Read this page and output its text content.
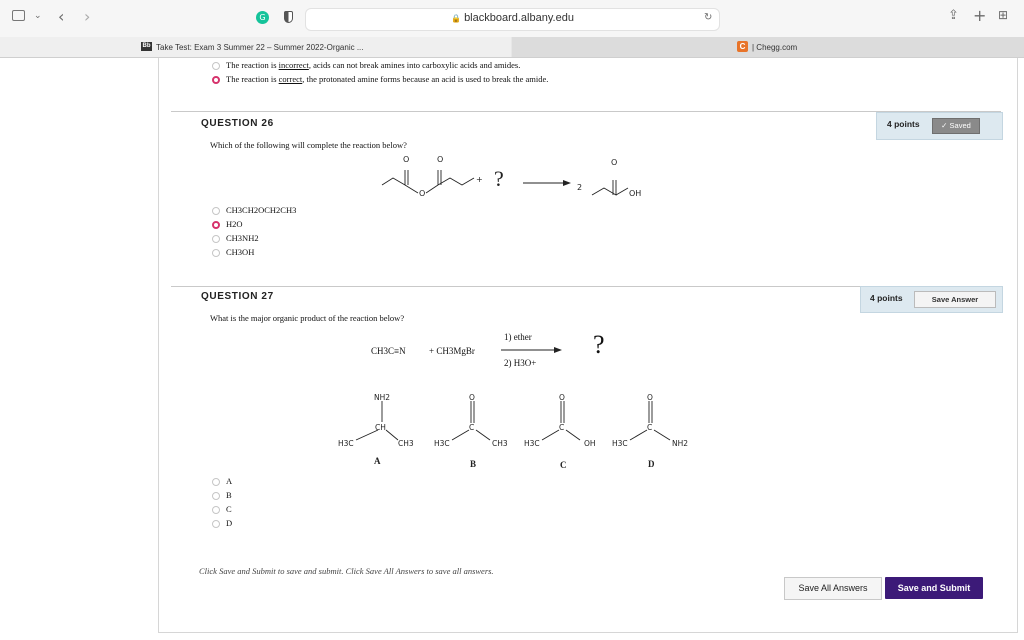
⌄ ‹ ›	G	🔒 blackboard.albany.edu	↻	⇪ + ⊞
Bb Take Test: Exam 3 Summer 22 – Summer 2022-Organic ...	C | Chegg.com
The reaction is incorrect, acids can not break amines into carboxylic acids and amides.
The reaction is correct, the protonated amine forms because an acid is used to break the amide.
QUESTION 26	4 points	✓ Saved
Which of the following will complete the reaction below?
O
O
O
+ ?	2
O
OH
CH3CH2OCH2CH3
H2O
CH3NH2
CH3OH
QUESTION 27	4 points	Save Answer
What is the major organic product of the reaction below?
CH3C≡N	+ CH3MgBr
1) ether
2) H3O+
?
NH2
CH
H3C	CH3
O
C
H3C	CH3
O
C
H3C	OH
O
C
H3C	NH2
A	B	C	D
A
B
C
D
Click Save and Submit to save and submit. Click Save All Answers to save all answers.
Save All Answers	Save and Submit
